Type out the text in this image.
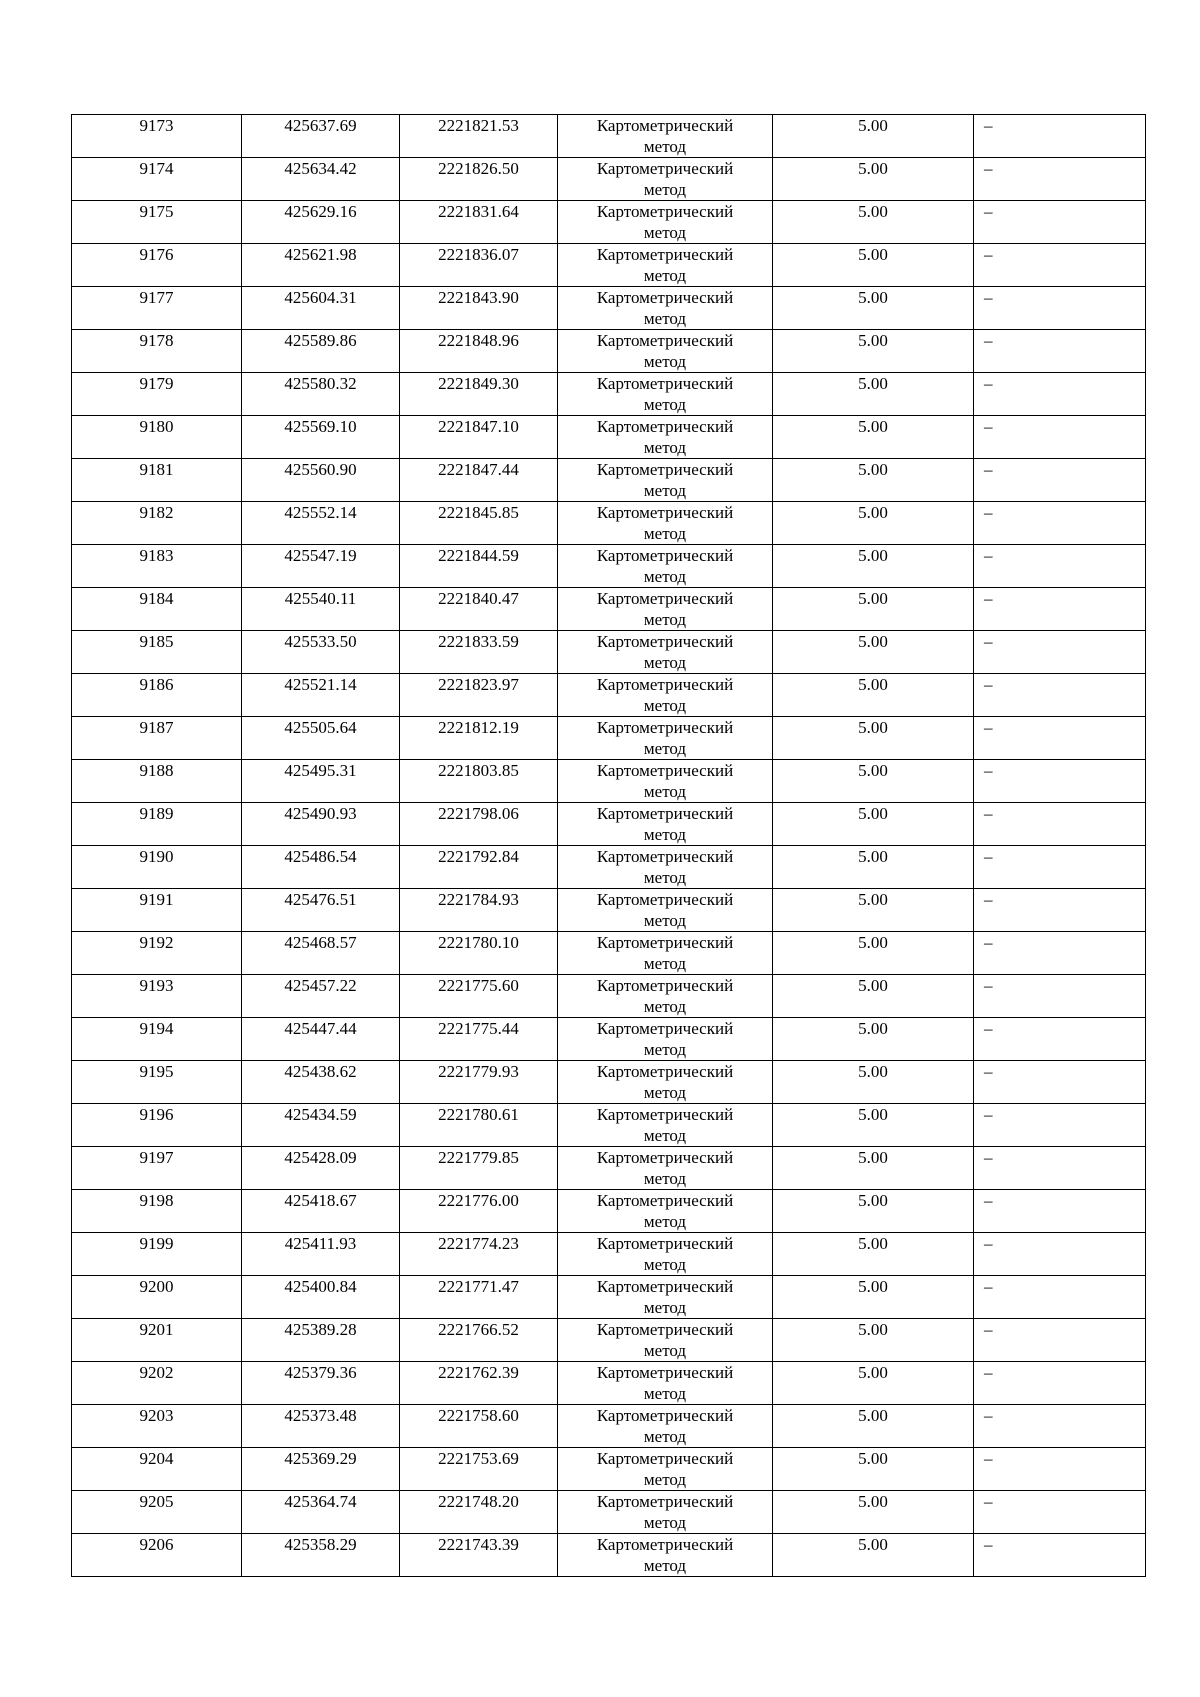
9173	425637.69	2221821.53	Картометрический
метод	5.00	–
9174	425634.42	2221826.50	Картометрический
метод	5.00	–
9175	425629.16	2221831.64	Картометрический
метод	5.00	–
9176	425621.98	2221836.07	Картометрический
метод	5.00	–
9177	425604.31	2221843.90	Картометрический
метод	5.00	–
9178	425589.86	2221848.96	Картометрический
метод	5.00	–
9179	425580.32	2221849.30	Картометрический
метод	5.00	–
9180	425569.10	2221847.10	Картометрический
метод	5.00	–
9181	425560.90	2221847.44	Картометрический
метод	5.00	–
9182	425552.14	2221845.85	Картометрический
метод	5.00	–
9183	425547.19	2221844.59	Картометрический
метод	5.00	–
9184	425540.11	2221840.47	Картометрический
метод	5.00	–
9185	425533.50	2221833.59	Картометрический
метод	5.00	–
9186	425521.14	2221823.97	Картометрический
метод	5.00	–
9187	425505.64	2221812.19	Картометрический
метод	5.00	–
9188	425495.31	2221803.85	Картометрический
метод	5.00	–
9189	425490.93	2221798.06	Картометрический
метод	5.00	–
9190	425486.54	2221792.84	Картометрический
метод	5.00	–
9191	425476.51	2221784.93	Картометрический
метод	5.00	–
9192	425468.57	2221780.10	Картометрический
метод	5.00	–
9193	425457.22	2221775.60	Картометрический
метод	5.00	–
9194	425447.44	2221775.44	Картометрический
метод	5.00	–
9195	425438.62	2221779.93	Картометрический
метод	5.00	–
9196	425434.59	2221780.61	Картометрический
метод	5.00	–
9197	425428.09	2221779.85	Картометрический
метод	5.00	–
9198	425418.67	2221776.00	Картометрический
метод	5.00	–
9199	425411.93	2221774.23	Картометрический
метод	5.00	–
9200	425400.84	2221771.47	Картометрический
метод	5.00	–
9201	425389.28	2221766.52	Картометрический
метод	5.00	–
9202	425379.36	2221762.39	Картометрический
метод	5.00	–
9203	425373.48	2221758.60	Картометрический
метод	5.00	–
9204	425369.29	2221753.69	Картометрический
метод	5.00	–
9205	425364.74	2221748.20	Картометрический
метод	5.00	–
9206	425358.29	2221743.39	Картометрический
метод	5.00	–
